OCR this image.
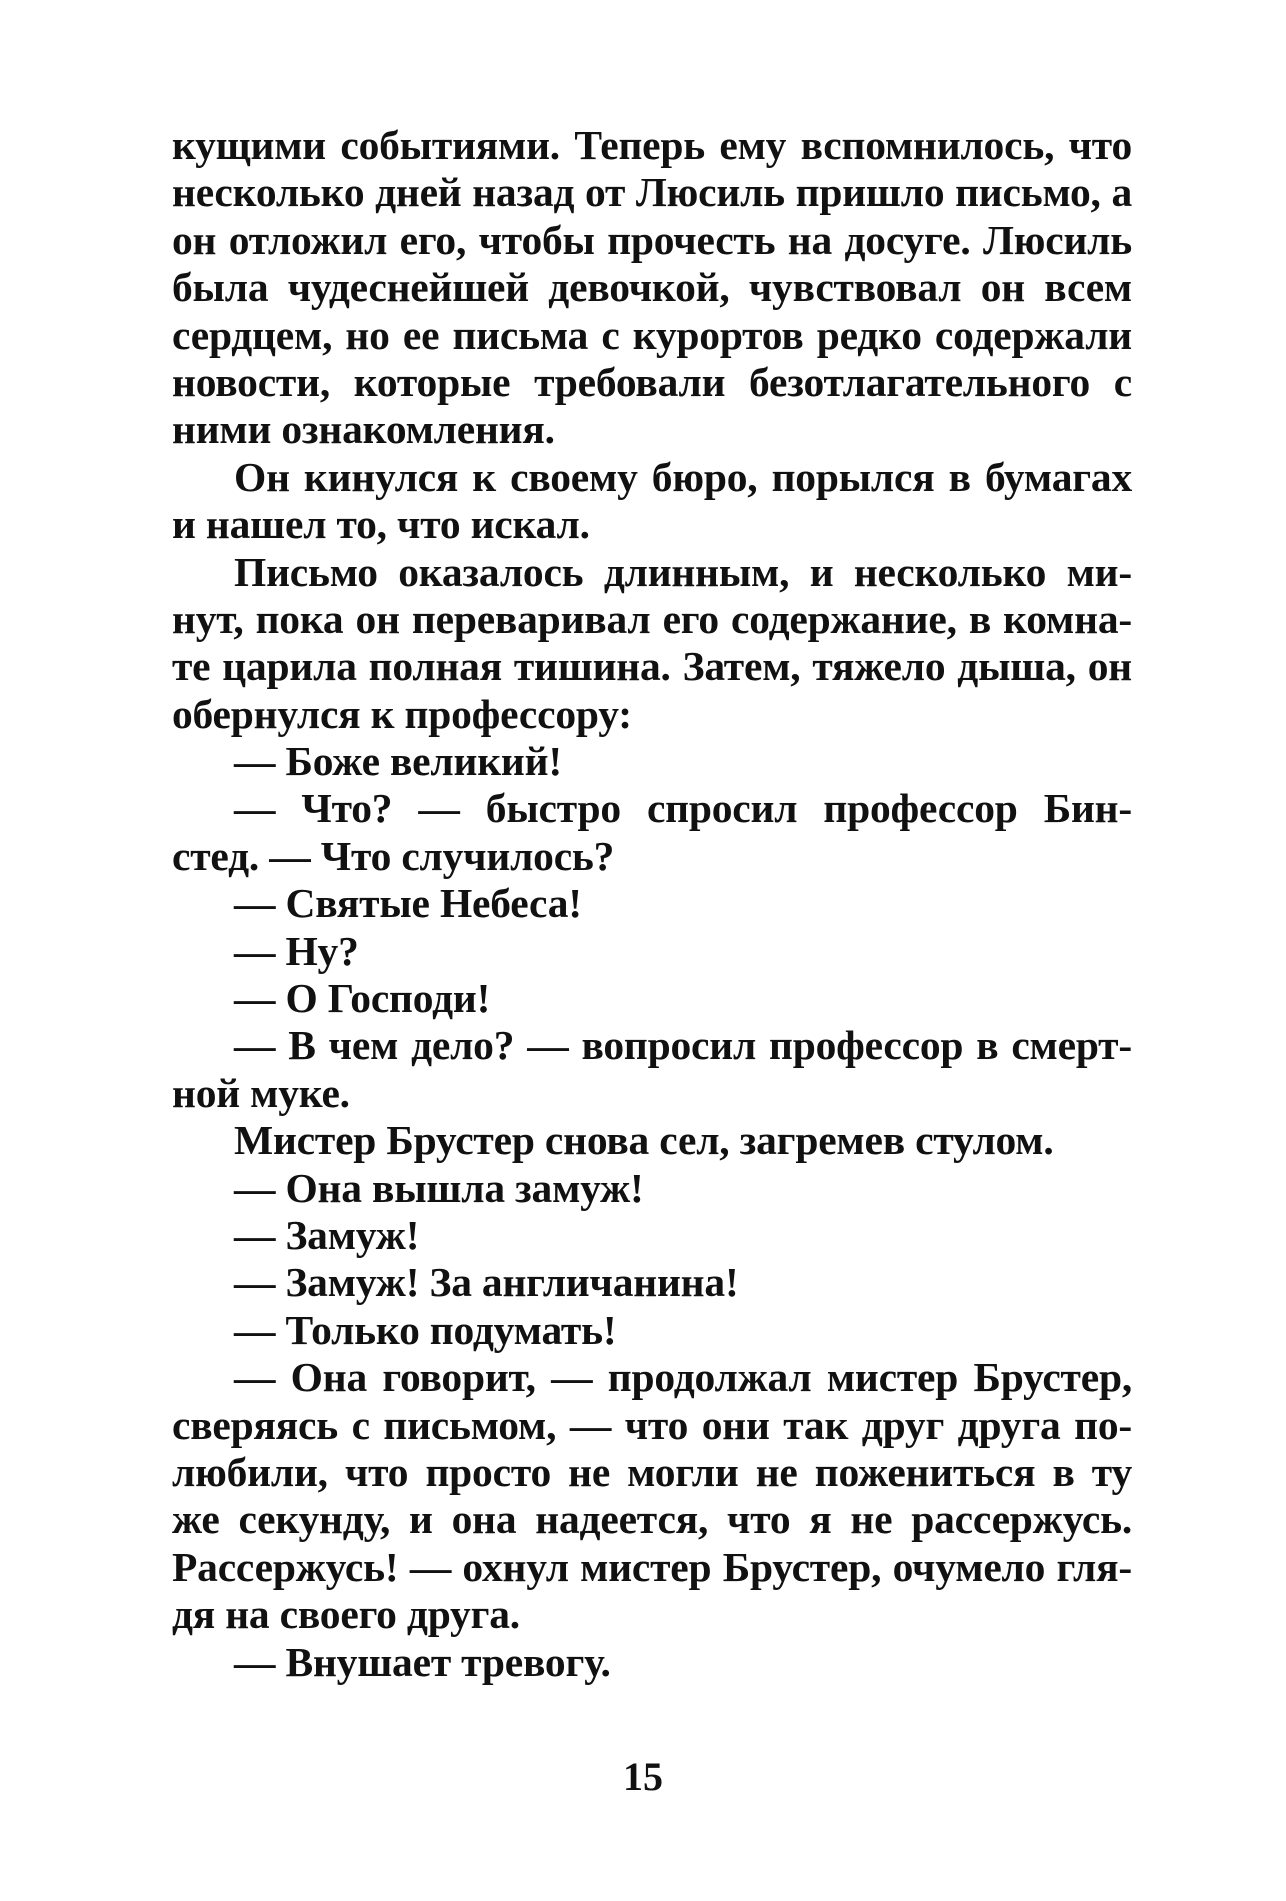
кущими событиями. Теперь ему вспомнилось, что
несколько дней назад от Люсиль пришло письмо, а
он отложил его, чтобы прочесть на досуге. Люсиль
была чудеснейшей девочкой, чувствовал он всем
сердцем, но ее письма с курортов редко содержали
новости, которые требовали безотлагательного с
ними ознакомления.
Он кинулся к своему бюро, порылся в бумагах
и нашел то, что искал.
Письмо оказалось длинным, и несколько ми-
нут, пока он переваривал его содержание, в комна-
те царила полная тишина. Затем, тяжело дыша, он
обернулся к профессору:
— Боже великий!
— Что? — быстро спросил профессор Бин-
стед. — Что случилось?
— Святые Небеса!
— Ну?
— О Господи!
— В чем дело? — вопросил профессор в смерт-
ной муке.
Мистер Брустер снова сел, загремев стулом.
— Она вышла замуж!
— Замуж!
— Замуж! За англичанина!
— Только подумать!
— Она говорит, — продолжал мистер Брустер,
сверяясь с письмом, — что они так друг друга по-
любили, что просто не могли не пожениться в ту
же секунду, и она надеется, что я не рассержусь.
Рассержусь! — охнул мистер Брустер, очумело гля-
дя на своего друга.
— Внушает тревогу.
15
